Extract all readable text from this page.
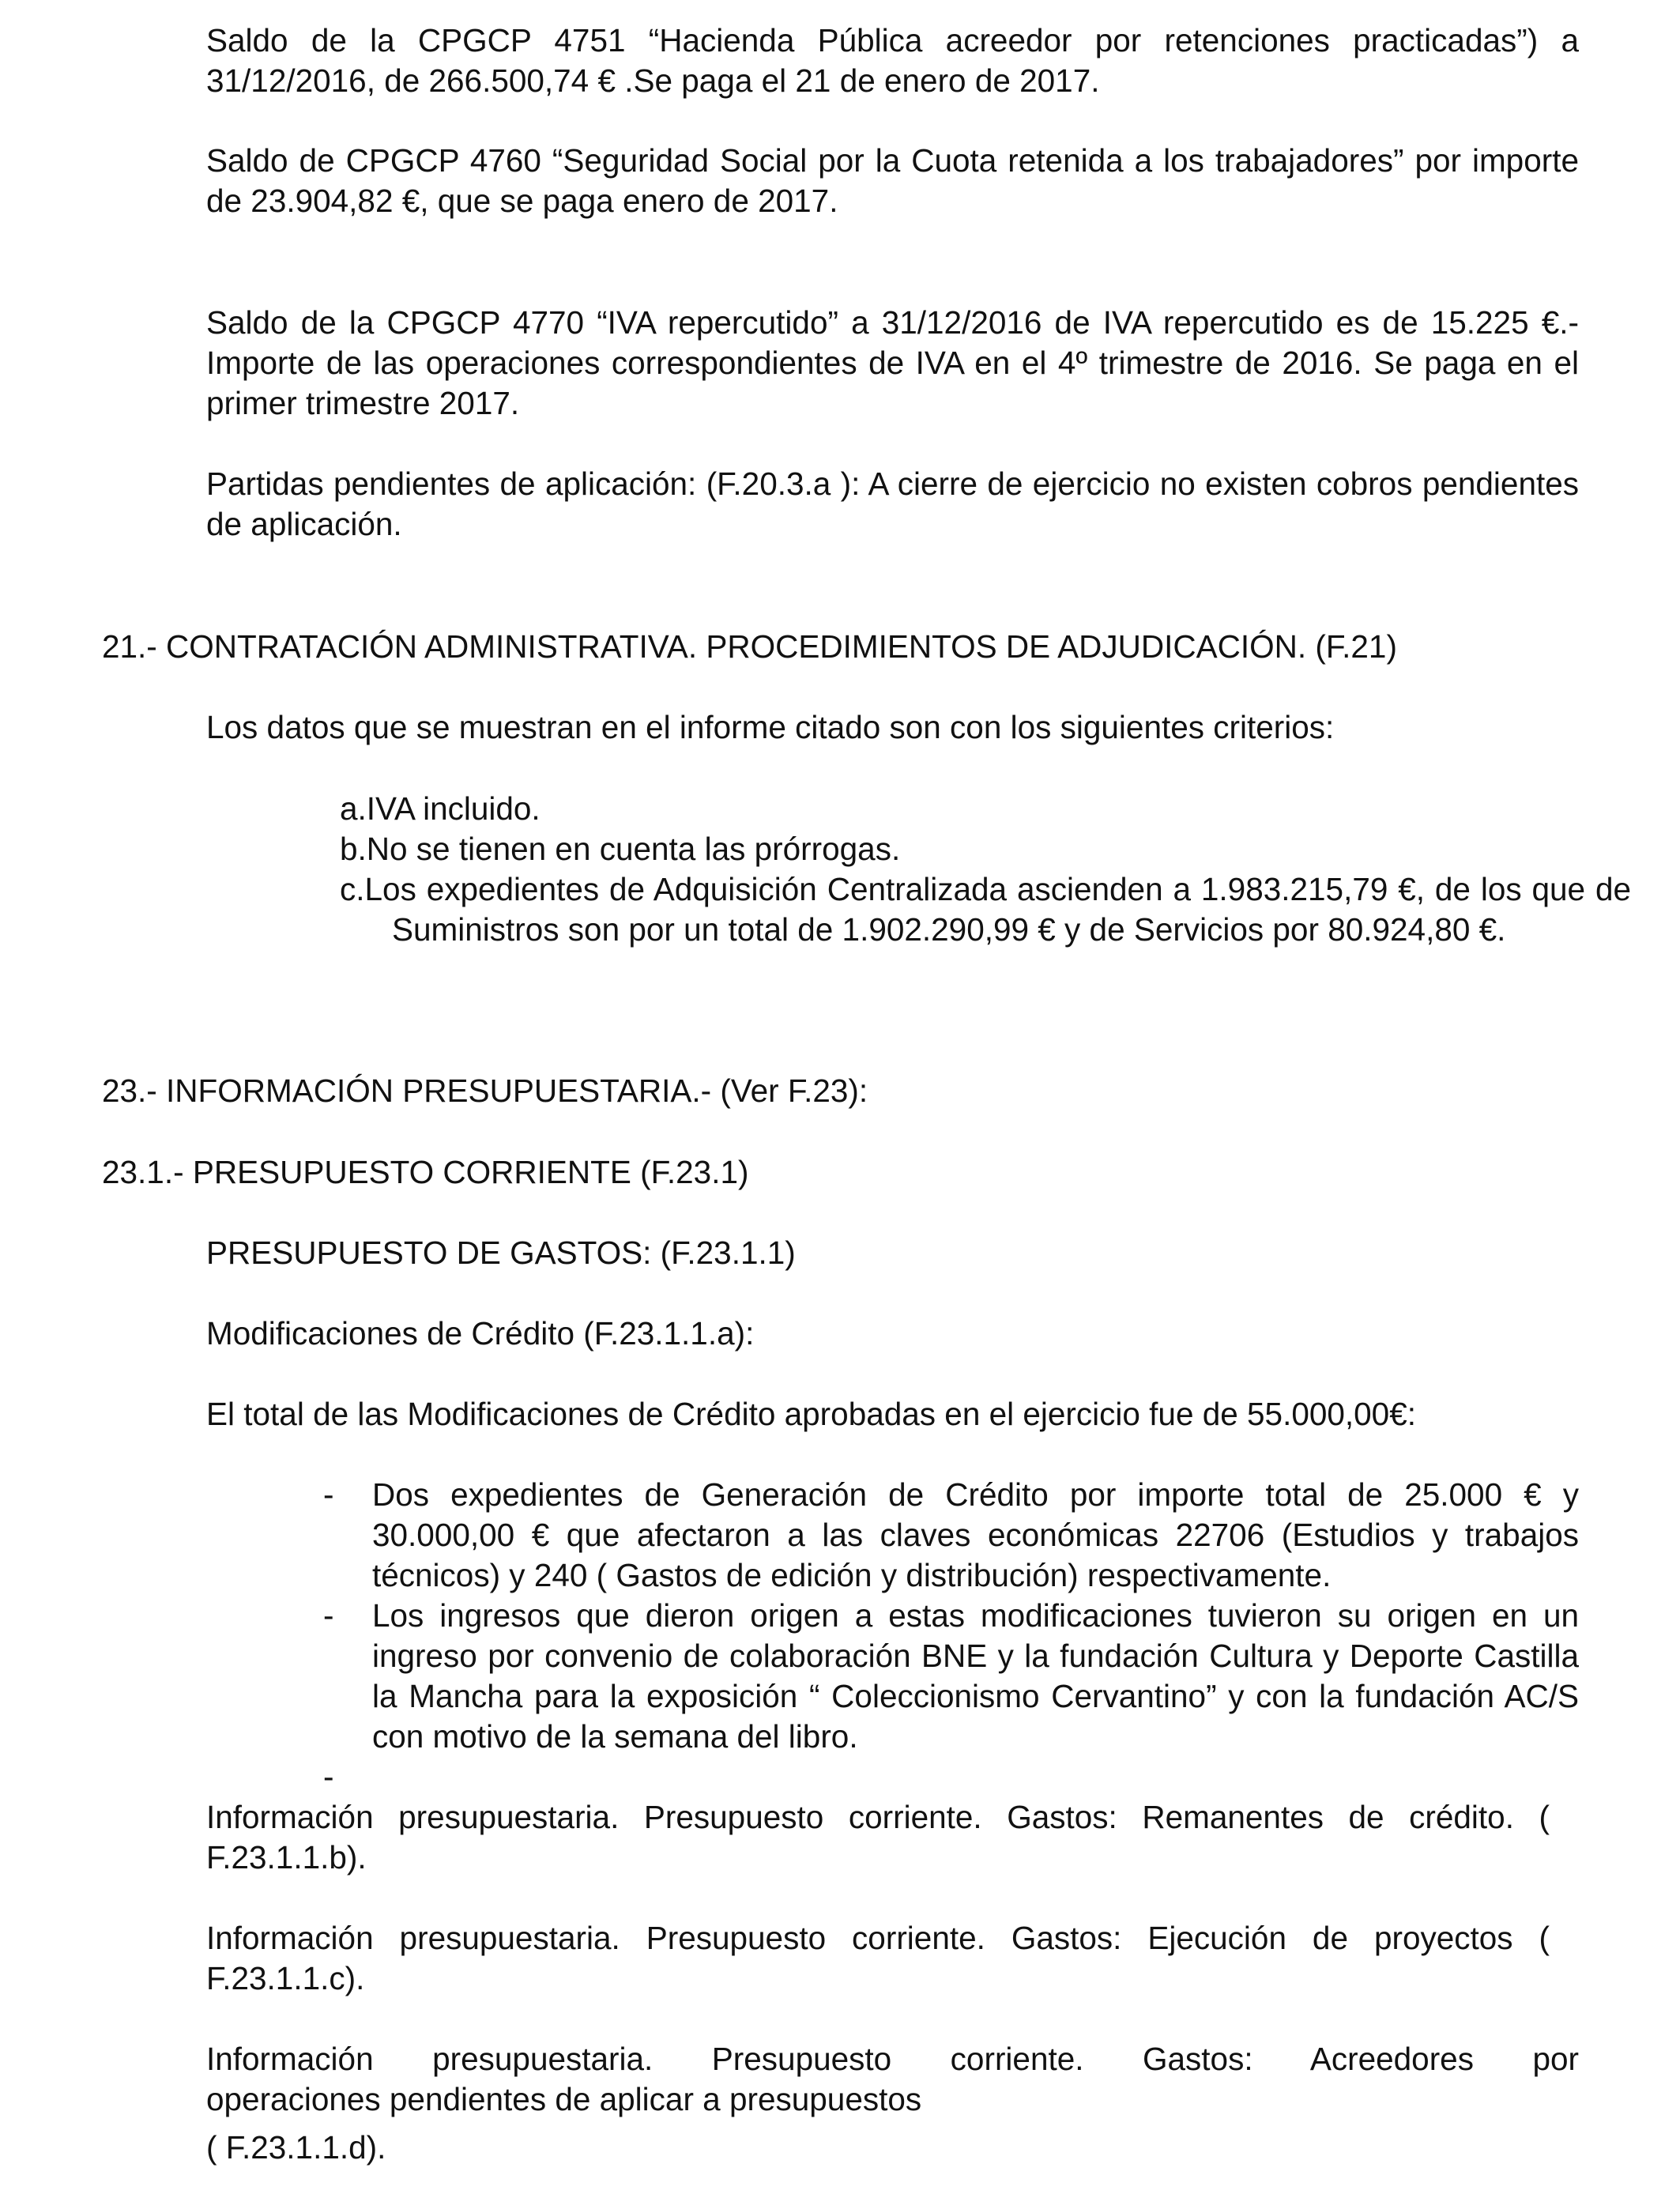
Saldo de la CPGCP 4751 “Hacienda Pública acreedor por retenciones practicadas”) a 31/12/2016, de 266.500,74 € .Se paga el 21 de enero de 2017.

Saldo de CPGCP 4760 “Seguridad Social por la Cuota retenida a los trabajadores” por importe de 23.904,82 €, que se paga enero de 2017.

Saldo de la CPGCP 4770 “IVA repercutido” a 31/12/2016 de IVA repercutido es de 15.225 €.- Importe de las operaciones correspondientes de IVA en el 4º trimestre de 2016. Se paga en el primer trimestre 2017.

Partidas pendientes de aplicación: (F.20.3.a ): A cierre de ejercicio no existen cobros pendientes de aplicación.

21.- CONTRATACIÓN ADMINISTRATIVA. PROCEDIMIENTOS DE ADJUDICACIÓN. (F.21)

Los datos que se muestran en el informe citado son con los siguientes criterios:

a.IVA incluido.
b.No se tienen en cuenta las prórrogas.
c.Los expedientes de Adquisición Centralizada ascienden a 1.983.215,79 €, de los que de Suministros son por un total de 1.902.290,99 € y de Servicios por 80.924,80 €.

23.- INFORMACIÓN PRESUPUESTARIA.- (Ver F.23):

23.1.- PRESUPUESTO CORRIENTE (F.23.1)

PRESUPUESTO DE GASTOS: (F.23.1.1)

Modificaciones de Crédito (F.23.1.1.a):

El total de las Modificaciones de Crédito aprobadas en el ejercicio fue de 55.000,00€:

- Dos expedientes de Generación de Crédito por importe total de 25.000 € y 30.000,00 € que afectaron a las claves económicas 22706 (Estudios y trabajos técnicos) y 240 ( Gastos de edición y distribución) respectivamente.
- Los ingresos que dieron origen a estas modificaciones tuvieron su origen en un ingreso por convenio de colaboración BNE y la fundación Cultura y Deporte Castilla la Mancha para la exposición “ Coleccionismo Cervantino” y con la fundación AC/S con motivo de la semana del libro.
-

Información presupuestaria. Presupuesto corriente. Gastos: Remanentes de crédito. ( F.23.1.1.b).

Información presupuestaria. Presupuesto corriente. Gastos: Ejecución de proyectos ( F.23.1.1.c).

Información presupuestaria. Presupuesto corriente. Gastos: Acreedores por
operaciones pendientes de aplicar a presupuestos
( F.23.1.1.d).
